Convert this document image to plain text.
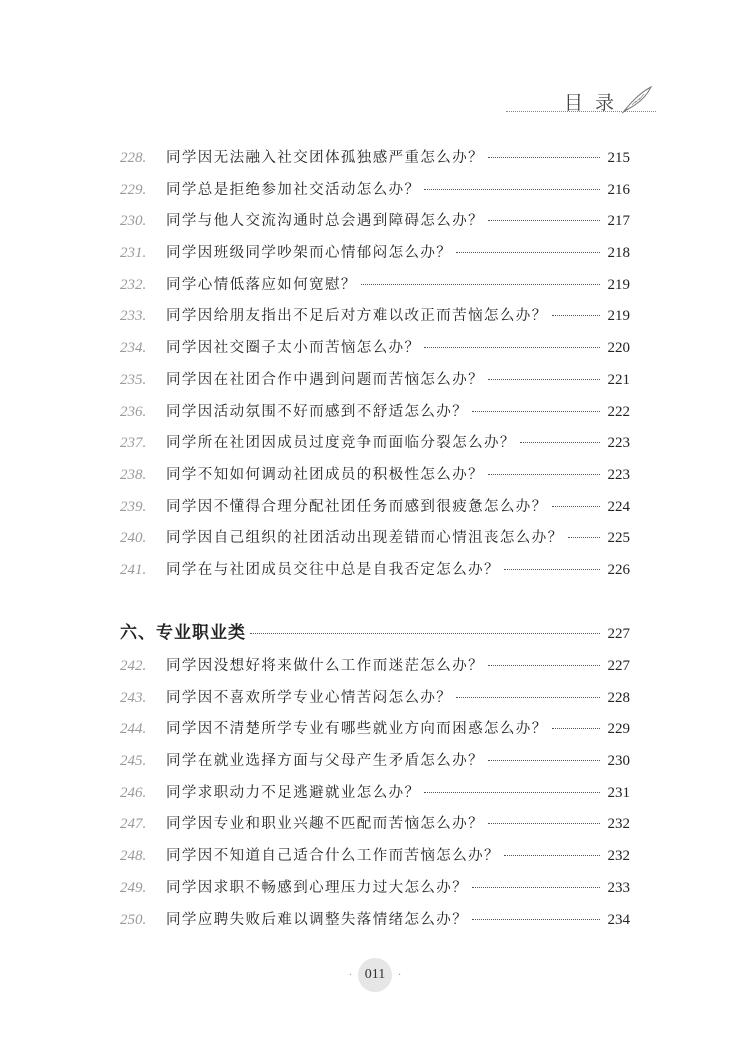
目录
228.	同学因无法融入社交团体孤独感严重怎么办？	215
229.	同学总是拒绝参加社交活动怎么办？	216
230.	同学与他人交流沟通时总会遇到障碍怎么办？	217
231.	同学因班级同学吵架而心情郁闷怎么办？	218
232.	同学心情低落应如何宽慰？	219
233.	同学因给朋友指出不足后对方难以改正而苦恼怎么办？	219
234.	同学因社交圈子太小而苦恼怎么办？	220
235.	同学因在社团合作中遇到问题而苦恼怎么办？	221
236.	同学因活动氛围不好而感到不舒适怎么办？	222
237.	同学所在社团因成员过度竞争而面临分裂怎么办？	223
238.	同学不知如何调动社团成员的积极性怎么办？	223
239.	同学因不懂得合理分配社团任务而感到很疲惫怎么办？	224
240.	同学因自己组织的社团活动出现差错而心情沮丧怎么办？	225
241.	同学在与社团成员交往中总是自我否定怎么办？	226
六、专业职业类	227
242.	同学因没想好将来做什么工作而迷茫怎么办？	227
243.	同学因不喜欢所学专业心情苦闷怎么办？	228
244.	同学因不清楚所学专业有哪些就业方向而困惑怎么办？	229
245.	同学在就业选择方面与父母产生矛盾怎么办？	230
246.	同学求职动力不足逃避就业怎么办？	231
247.	同学因专业和职业兴趣不匹配而苦恼怎么办？	232
248.	同学因不知道自己适合什么工作而苦恼怎么办？	232
249.	同学因求职不畅感到心理压力过大怎么办？	233
250.	同学应聘失败后难以调整失落情绪怎么办？	234
· 011 ·
